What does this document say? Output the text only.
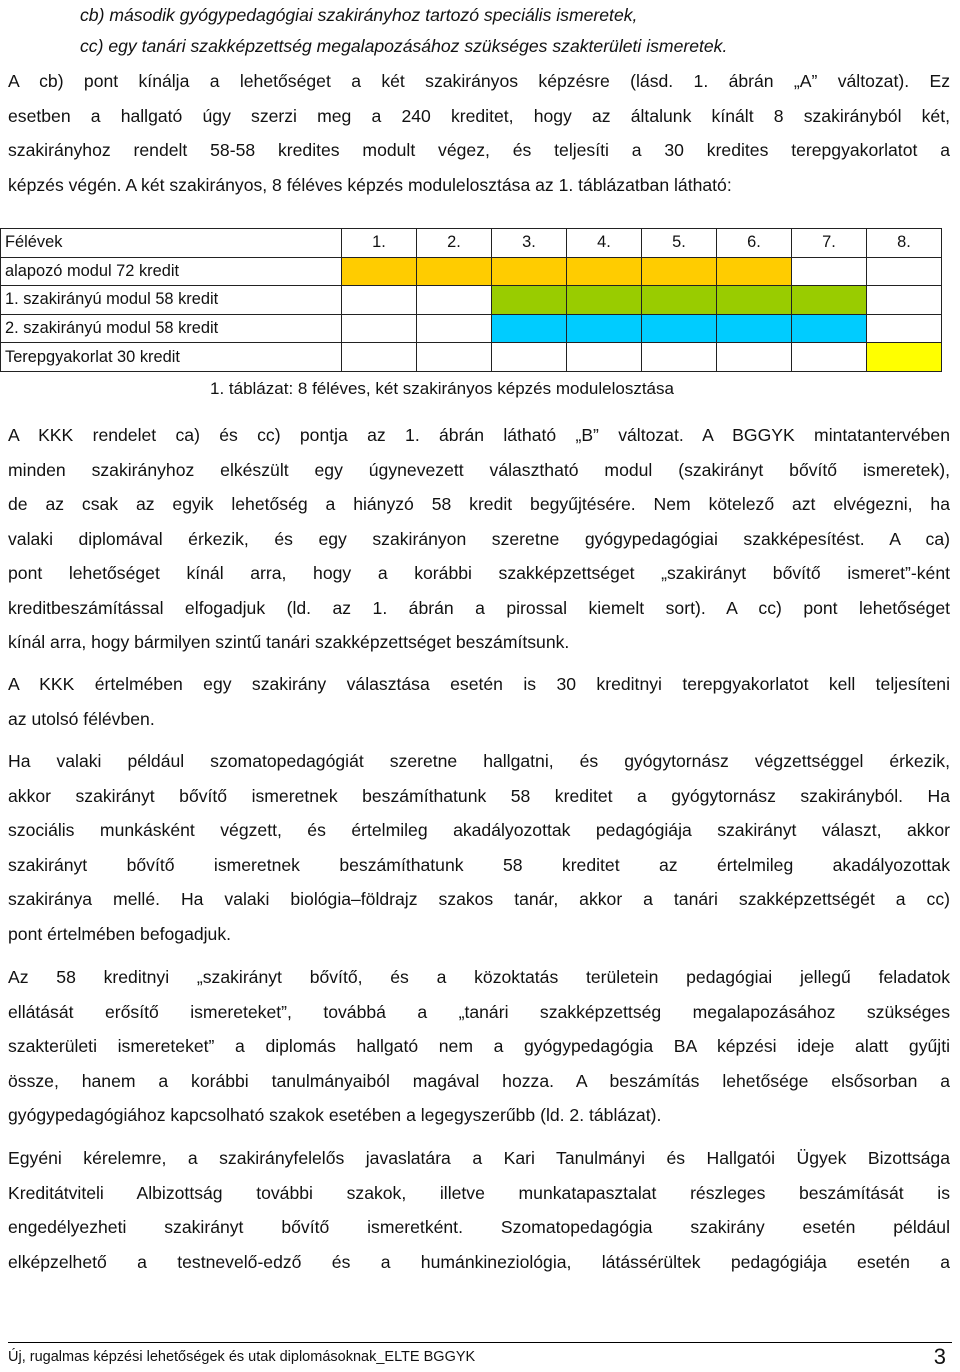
cb) második gyógypedagógiai szakirányhoz tartozó speciális ismeretek,
cc) egy tanári szakképzettség megalapozásához szükséges szakterületi ismeretek.
A cb) pont kínálja a lehetőséget a két szakirányos képzésre (lásd. 1. ábrán „A” változat). Ez
esetben a hallgató úgy szerzi meg a 240 kreditet, hogy az általunk kínált 8 szakirányból két,
szakirányhoz rendelt 58-58 kredites modult végez, és teljesíti a 30 kredites terepgyakorlatot a
képzés végén. A két szakirányos, 8 féléves képzés modulelosztása az 1. táblázatban látható:
Félévek	1.	2.	3.	4.	5.	6.	7.	8.
alapozó modul 72 kredit								
1. szakirányú modul 58 kredit								
2. szakirányú modul 58 kredit								
Terepgyakorlat 30 kredit								
1. táblázat: 8 féléves, két szakirányos képzés modulelosztása
A KKK rendelet ca) és cc) pontja az 1. ábrán látható „B” változat. A BGGYK mintatantervében
minden szakirányhoz elkészült egy úgynevezett választható modul (szakirányt bővítő ismeretek),
de az csak az egyik lehetőség a hiányzó 58 kredit begyűjtésére. Nem kötelező azt elvégezni, ha
valaki diplomával érkezik, és egy szakirányon szeretne gyógypedagógiai szakképesítést. A ca)
pont lehetőséget kínál arra, hogy a korábbi szakképzettséget „szakirányt bővítő ismeret”-ként
kreditbeszámítással elfogadjuk (ld. az 1. ábrán a pirossal kiemelt sort). A cc) pont lehetőséget
kínál arra, hogy bármilyen szintű tanári szakképzettséget beszámítsunk.
A KKK értelmében egy szakirány választása esetén is 30 kreditnyi terepgyakorlatot kell teljesíteni
az utolsó félévben.
Ha valaki például szomatopedagógiát szeretne hallgatni, és gyógytornász végzettséggel érkezik,
akkor szakirányt bővítő ismeretnek beszámíthatunk 58 kreditet a gyógytornász szakirányból. Ha
szociális munkásként végzett, és értelmileg akadályozottak pedagógiája szakirányt választ, akkor
szakirányt bővítő ismeretnek beszámíthatunk 58 kreditet az értelmileg akadályozottak
szakiránya mellé. Ha valaki biológia–földrajz szakos tanár, akkor a tanári szakképzettségét a cc)
pont értelmében befogadjuk.
Az 58 kreditnyi „szakirányt bővítő, és a közoktatás területein pedagógiai jellegű feladatok
ellátását erősítő ismereteket”, továbbá a „tanári szakképzettség megalapozásához szükséges
szakterületi ismereteket” a diplomás hallgató nem a gyógypedagógia BA képzési ideje alatt gyűjti
össze, hanem a korábbi tanulmányaiból magával hozza. A beszámítás lehetősége elsősorban a
gyógypedagógiához kapcsolható szakok esetében a legegyszerűbb (ld. 2. táblázat).
Egyéni kérelemre, a szakirányfelelős javaslatára a Kari Tanulmányi és Hallgatói Ügyek Bizottsága
Kreditátviteli Albizottság további szakok, illetve munkatapasztalat részleges beszámítását is
engedélyezheti szakirányt bővítő ismeretként. Szomatopedagógia szakirány esetén például
elképzelhető a testnevelő-edző és a humánkineziológia, látássérültek pedagógiája esetén a
Új, rugalmas képzési lehetőségek és utak diplomásoknak_ELTE BGGYK	3
